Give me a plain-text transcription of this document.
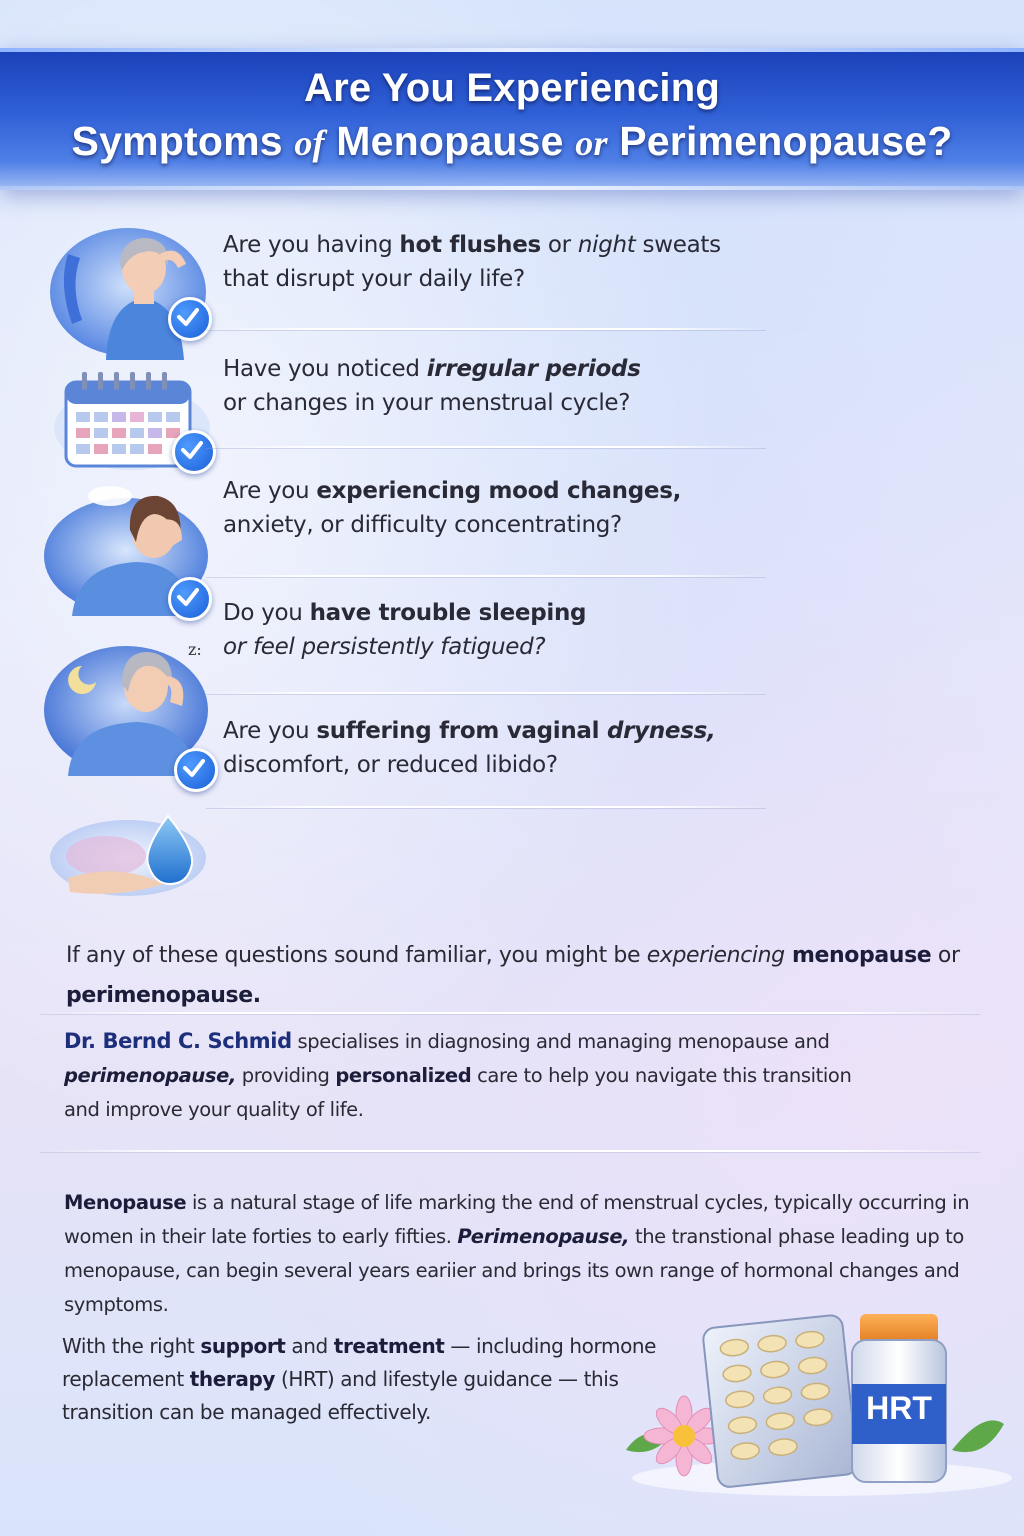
Are You Experiencing
Symptoms of Menopause or Perimenopause?
Are you having hot flushes or night sweats
that disrupt your daily life?
Have you noticed irregular periods
or changes in your menstrual cycle?
Are you experiencing mood changes,
anxiety, or difficulty concentrating?
z:
Do you have trouble sleeping
or feel persistently fatigued?
Are you suffering from vaginal dryness,
discomfort, or reduced libido?
If any of these questions sound familiar, you might be experiencing menopause or
perimenopause.
Dr. Bernd C. Schmid specialises in diagnosing and managing menopause and
perimenopause, providing personalized care to help you navigate this transition
and improve your quality of life.
Menopause is a natural stage of life marking the end of menstrual cycles, typically occurring in women in their late forties to early fifties. Perimenopause, the transtional phase leading up to menopause, can begin several years eariier and brings its own range of hormonal changes and symptoms.
With the right support and treatment — including hormone replacement therapy (HRT) and lifestyle guidance — this transition can be managed effectively.	HRT
